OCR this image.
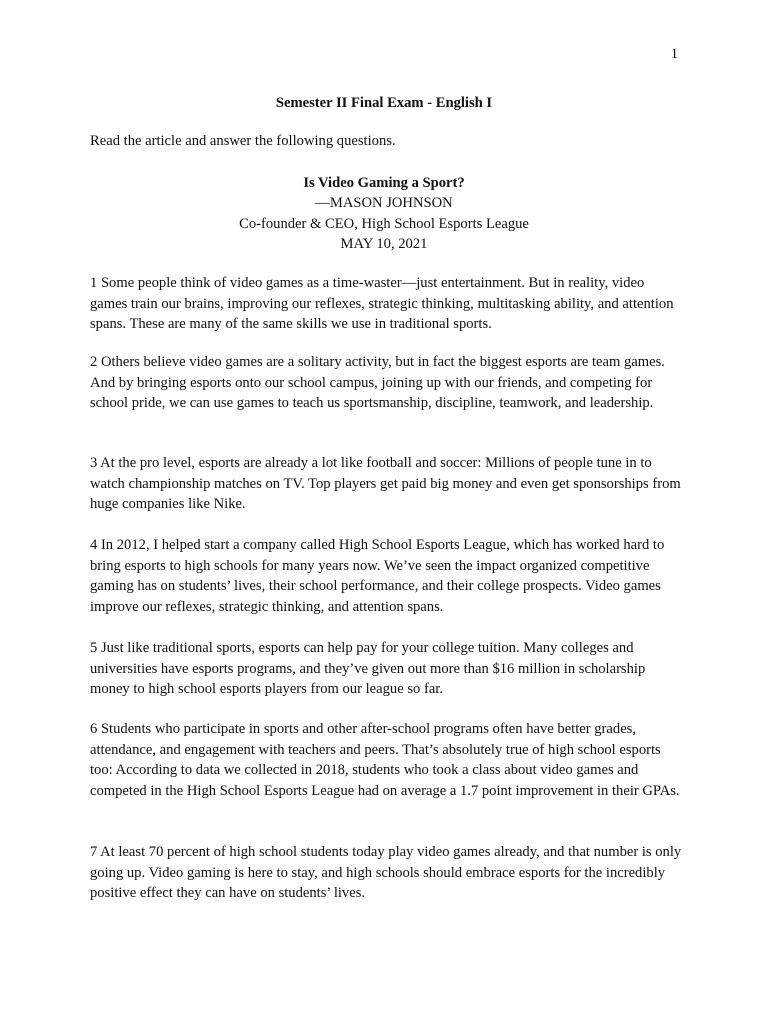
1
Semester II Final Exam - English I
Read the article and answer the following questions.
Is Video Gaming a Sport?
—MASON JOHNSON
Co-founder & CEO, High School Esports League
MAY 10, 2021

1 Some people think of video games as a time-waster—just entertainment. But in reality, video games train our brains, improving our reflexes, strategic thinking, multitasking ability, and attention spans. These are many of the same skills we use in traditional sports.

2 Others believe video games are a solitary activity, but in fact the biggest esports are team games. And by bringing esports onto our school campus, joining up with our friends, and competing for school pride, we can use games to teach us sportsmanship, discipline, teamwork, and leadership.

3 At the pro level, esports are already a lot like football and soccer: Millions of people tune in to watch championship matches on TV. Top players get paid big money and even get sponsorships from huge companies like Nike.

4 In 2012, I helped start a company called High School Esports League, which has worked hard to bring esports to high schools for many years now. We’ve seen the impact organized competitive gaming has on students’ lives, their school performance, and their college prospects. Video games improve our reflexes, strategic thinking, and attention spans.

5 Just like traditional sports, esports can help pay for your college tuition. Many colleges and universities have esports programs, and they’ve given out more than $16 million in scholarship money to high school esports players from our league so far.

6 Students who participate in sports and other after-school programs often have better grades, attendance, and engagement with teachers and peers. That’s absolutely true of high school esports too: According to data we collected in 2018, students who took a class about video games and competed in the High School Esports League had on average a 1.7 point improvement in their GPAs.

7 At least 70 percent of high school students today play video games already, and that number is only going up. Video gaming is here to stay, and high schools should embrace esports for the incredibly positive effect they can have on students’ lives.
